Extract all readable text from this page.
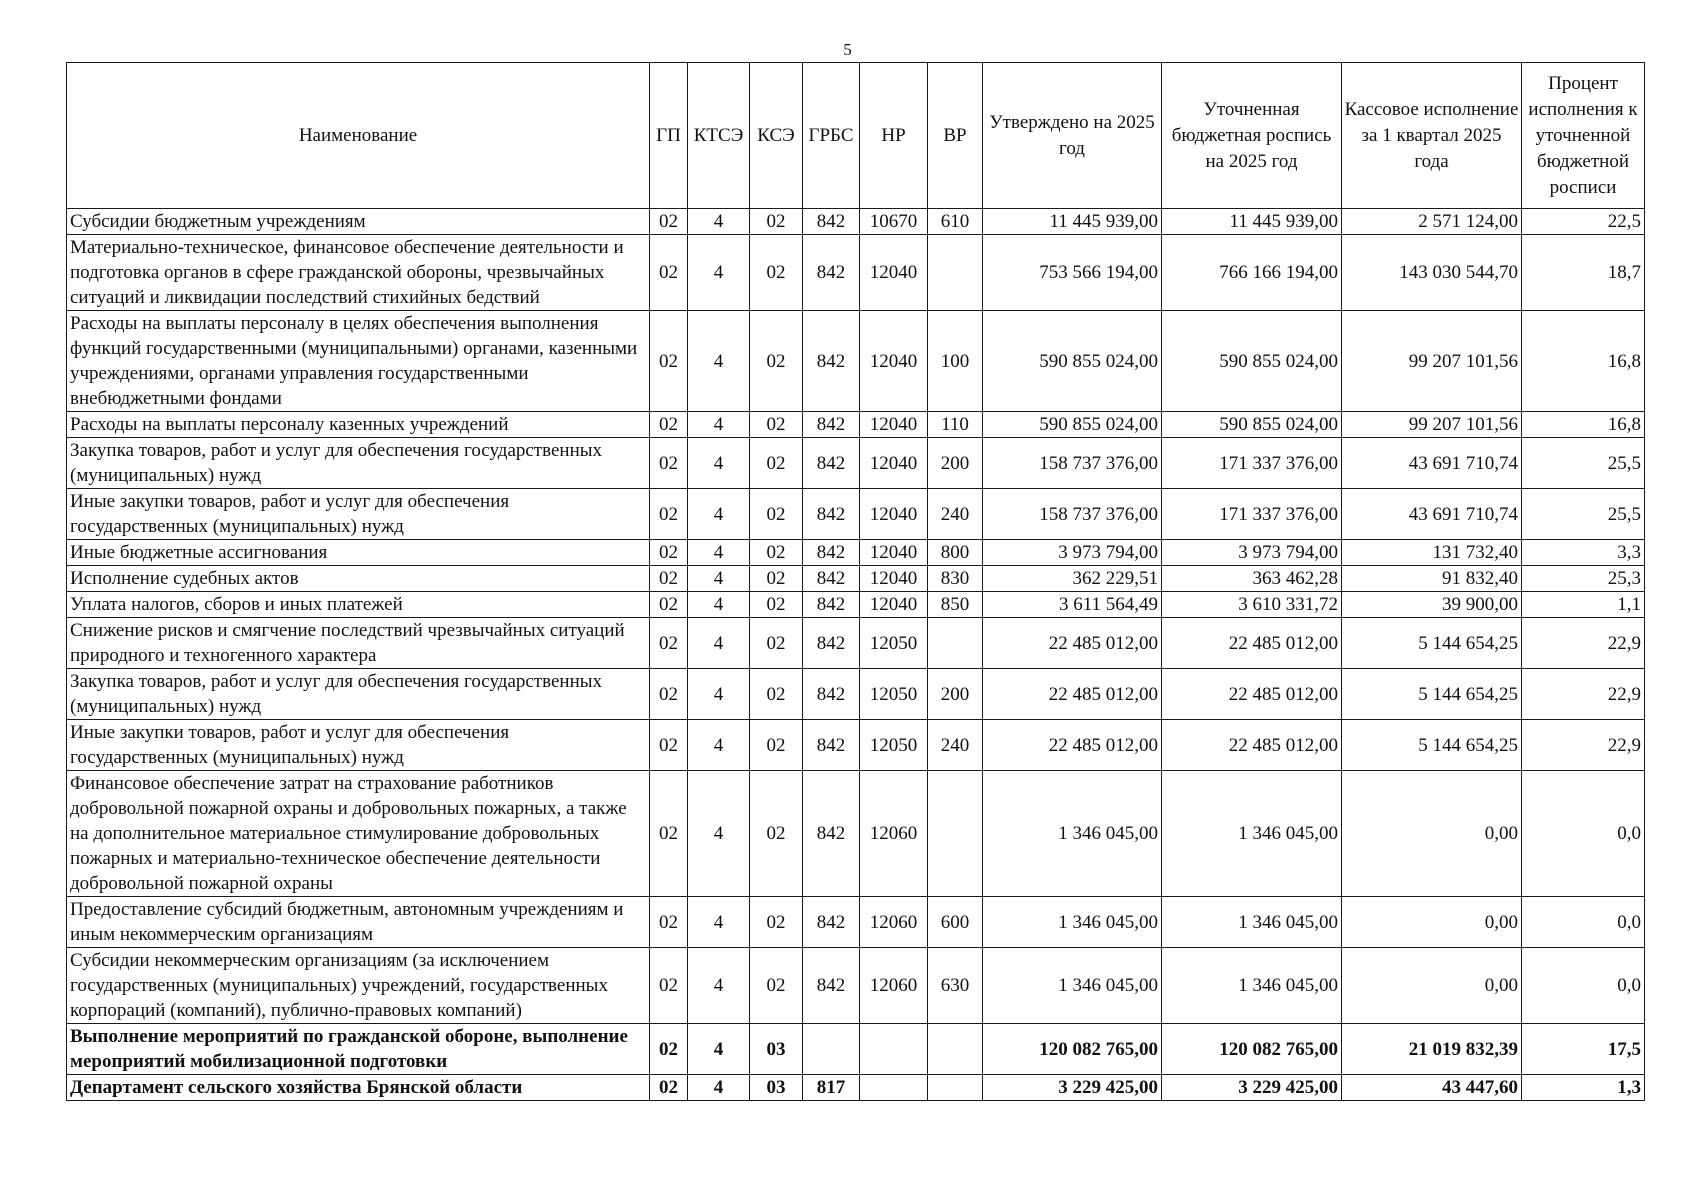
5
Наименование	ГП	КТСЭ	КСЭ	ГРБС	НР	ВР	Утверждено на 2025 год	Уточненная бюджетная роспись на 2025 год	Кассовое исполнение за 1 квартал 2025 года	Процент исполнения к уточненной бюджетной росписи
Субсидии бюджетным учреждениям	02	4	02	842	10670	610	11 445 939,00	11 445 939,00	2 571 124,00	22,5
Материально-техническое, финансовое обеспечение деятельности и подготовка органов в сфере гражданской обороны, чрезвычайных ситуаций и ликвидации последствий стихийных бедствий	02	4	02	842	12040		753 566 194,00	766 166 194,00	143 030 544,70	18,7
Расходы на выплаты персоналу в целях обеспечения выполнения функций государственными (муниципальными) органами, казенными учреждениями, органами управления государственными внебюджетными фондами	02	4	02	842	12040	100	590 855 024,00	590 855 024,00	99 207 101,56	16,8
Расходы на выплаты персоналу казенных учреждений	02	4	02	842	12040	110	590 855 024,00	590 855 024,00	99 207 101,56	16,8
Закупка товаров, работ и услуг для обеспечения государственных (муниципальных) нужд	02	4	02	842	12040	200	158 737 376,00	171 337 376,00	43 691 710,74	25,5
Иные закупки товаров, работ и услуг для обеспечения государственных (муниципальных) нужд	02	4	02	842	12040	240	158 737 376,00	171 337 376,00	43 691 710,74	25,5
Иные бюджетные ассигнования	02	4	02	842	12040	800	3 973 794,00	3 973 794,00	131 732,40	3,3
Исполнение судебных актов	02	4	02	842	12040	830	362 229,51	363 462,28	91 832,40	25,3
Уплата налогов, сборов и иных платежей	02	4	02	842	12040	850	3 611 564,49	3 610 331,72	39 900,00	1,1
Снижение рисков и смягчение последствий чрезвычайных ситуаций природного и техногенного характера	02	4	02	842	12050		22 485 012,00	22 485 012,00	5 144 654,25	22,9
Закупка товаров, работ и услуг для обеспечения государственных (муниципальных) нужд	02	4	02	842	12050	200	22 485 012,00	22 485 012,00	5 144 654,25	22,9
Иные закупки товаров, работ и услуг для обеспечения государственных (муниципальных) нужд	02	4	02	842	12050	240	22 485 012,00	22 485 012,00	5 144 654,25	22,9
Финансовое обеспечение затрат на страхование работников добровольной пожарной охраны и добровольных пожарных, а также на дополнительное материальное стимулирование добровольных пожарных и материально-техническое обеспечение деятельности добровольной пожарной охраны	02	4	02	842	12060		1 346 045,00	1 346 045,00	0,00	0,0
Предоставление субсидий бюджетным, автономным учреждениям и иным некоммерческим организациям	02	4	02	842	12060	600	1 346 045,00	1 346 045,00	0,00	0,0
Субсидии некоммерческим организациям (за исключением государственных (муниципальных) учреждений, государственных корпораций (компаний), публично-правовых компаний)	02	4	02	842	12060	630	1 346 045,00	1 346 045,00	0,00	0,0
Выполнение мероприятий по гражданской обороне, выполнение мероприятий мобилизационной подготовки	02	4	03				120 082 765,00	120 082 765,00	21 019 832,39	17,5
Департамент сельского хозяйства Брянской области	02	4	03	817			3 229 425,00	3 229 425,00	43 447,60	1,3
